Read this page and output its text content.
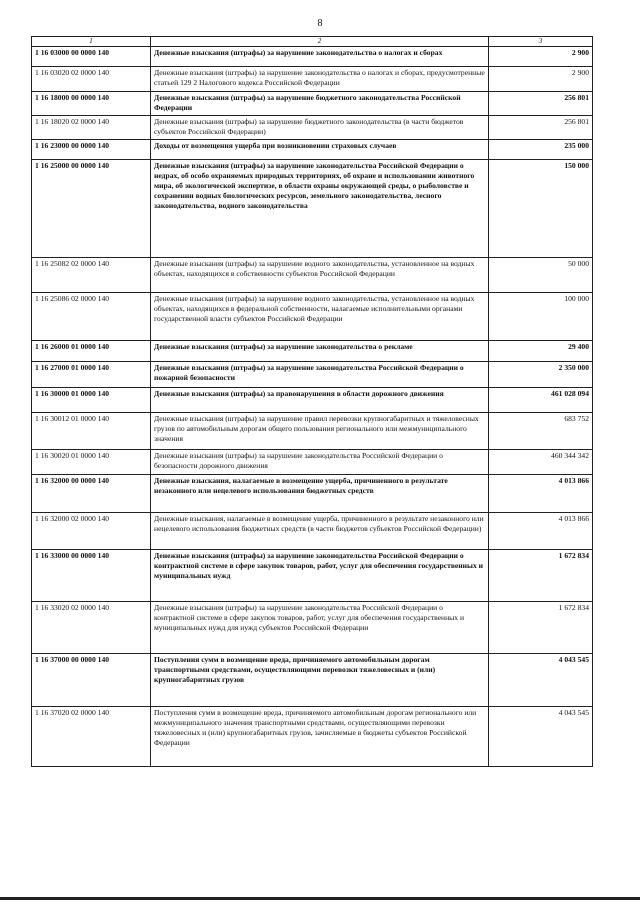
8
1	2	3
1 16 03000 00 0000 140	Денежные взыскания (штрафы) за нарушение законодательства о налогах и сборах	2 900
1 16 03020 02 0000 140	Денежные взыскания (штрафы) за нарушение законодательства о налогах и сборах, предусмотренные статьей 129 2 Налогового кодекса Российской Федерации	2 900
1 16 18000 00 0000 140	Денежные взыскания (штрафы) за нарушение бюджетного законодательства Российской Федерации	256 801
1 16 18020 02 0000 140	Денежные взыскания (штрафы) за нарушение бюджетного законодательства (в части бюджетов субъектов Российской Федерации)	256 801
1 16 23000 00 0000 140	Доходы от возмещения ущерба при возникновении страховых случаев	235 000
1 16 25000 00 0000 140	Денежные взыскания (штрафы) за нарушение законодательства Российской Федерации о недрах, об особо охраняемых природных территориях, об охране и использовании животного мира, об экологической экспертизе, в области охраны окружающей среды, о рыболовстве и сохранении водных биологических ресурсов, земельного законодательства, лесного законодательства, водного законодательства	150 000
1 16 25082 02 0000 140	Денежные взыскания (штрафы) за нарушение водного законодательства, установленное на водных объектах, находящихся в собственности субъектов Российской Федерации	50 000
1 16 25086 02 0000 140	Денежные взыскания (штрафы) за нарушение водного законодательства, установленное на водных объектах, находящихся в федеральной собственности, налагаемые исполнительными органами государственной власти субъектов Российской Федерации	100 000
1 16 26000 01 0000 140	Денежные взыскания (штрафы) за нарушение законодательства о рекламе	29 400
1 16 27000 01 0000 140	Денежные взыскания (штрафы) за нарушение законодательства Российской Федерации о пожарной безопасности	2 350 000
1 16 30000 01 0000 140	Денежные взыскания (штрафы) за правонарушения в области дорожного движения	461 028 094
1 16 30012 01 0000 140	Денежные взыскания (штрафы) за нарушение правил перевозки крупногабаритных и тяжеловесных грузов по автомобильным дорогам общего пользования регионального или межмуниципального значения	683 752
1 16 30020 01 0000 140	Денежные взыскания (штрафы) за нарушение законодательства Российской Федерации о безопасности дорожного движения	460 344 342
1 16 32000 00 0000 140	Денежные взыскания, налагаемые в возмещение ущерба, причиненного в результате незаконного или нецелевого использования бюджетных средств	4 013 866
1 16 32000 02 0000 140	Денежные взыскания, налагаемые в возмещение ущерба, причиненного в результате незаконного или нецелевого использования бюджетных средств (в части бюджетов субъектов Российской Федерации)	4 013 866
1 16 33000 00 0000 140	Денежные взыскания (штрафы) за нарушение законодательства Российской Федерации о контрактной системе в сфере закупок товаров, работ, услуг для обеспечения государственных и муниципальных нужд	1 672 834
1 16 33020 02 0000 140	Денежные взыскания (штрафы) за нарушение законодательства Российской Федерации о контрактной системе в сфере закупок товаров, работ, услуг для обеспечения государственных и муниципальных нужд для нужд субъектов Российской Федерации	1 672 834
1 16 37000 00 0000 140	Поступления сумм в возмещение вреда, причиняемого автомобильным дорогам транспортными средствами, осуществляющими перевозки тяжеловесных и (или) крупногабаритных грузов	4 043 545
1 16 37020 02 0000 140	Поступления сумм в возмещение вреда, причиняемого автомобильным дорогам регионального или межмуниципального значения транспортными средствами, осуществляющими перевозки тяжеловесных и (или) крупногабаритных грузов, зачисляемые в бюджеты субъектов Российской Федерации	4 043 545
